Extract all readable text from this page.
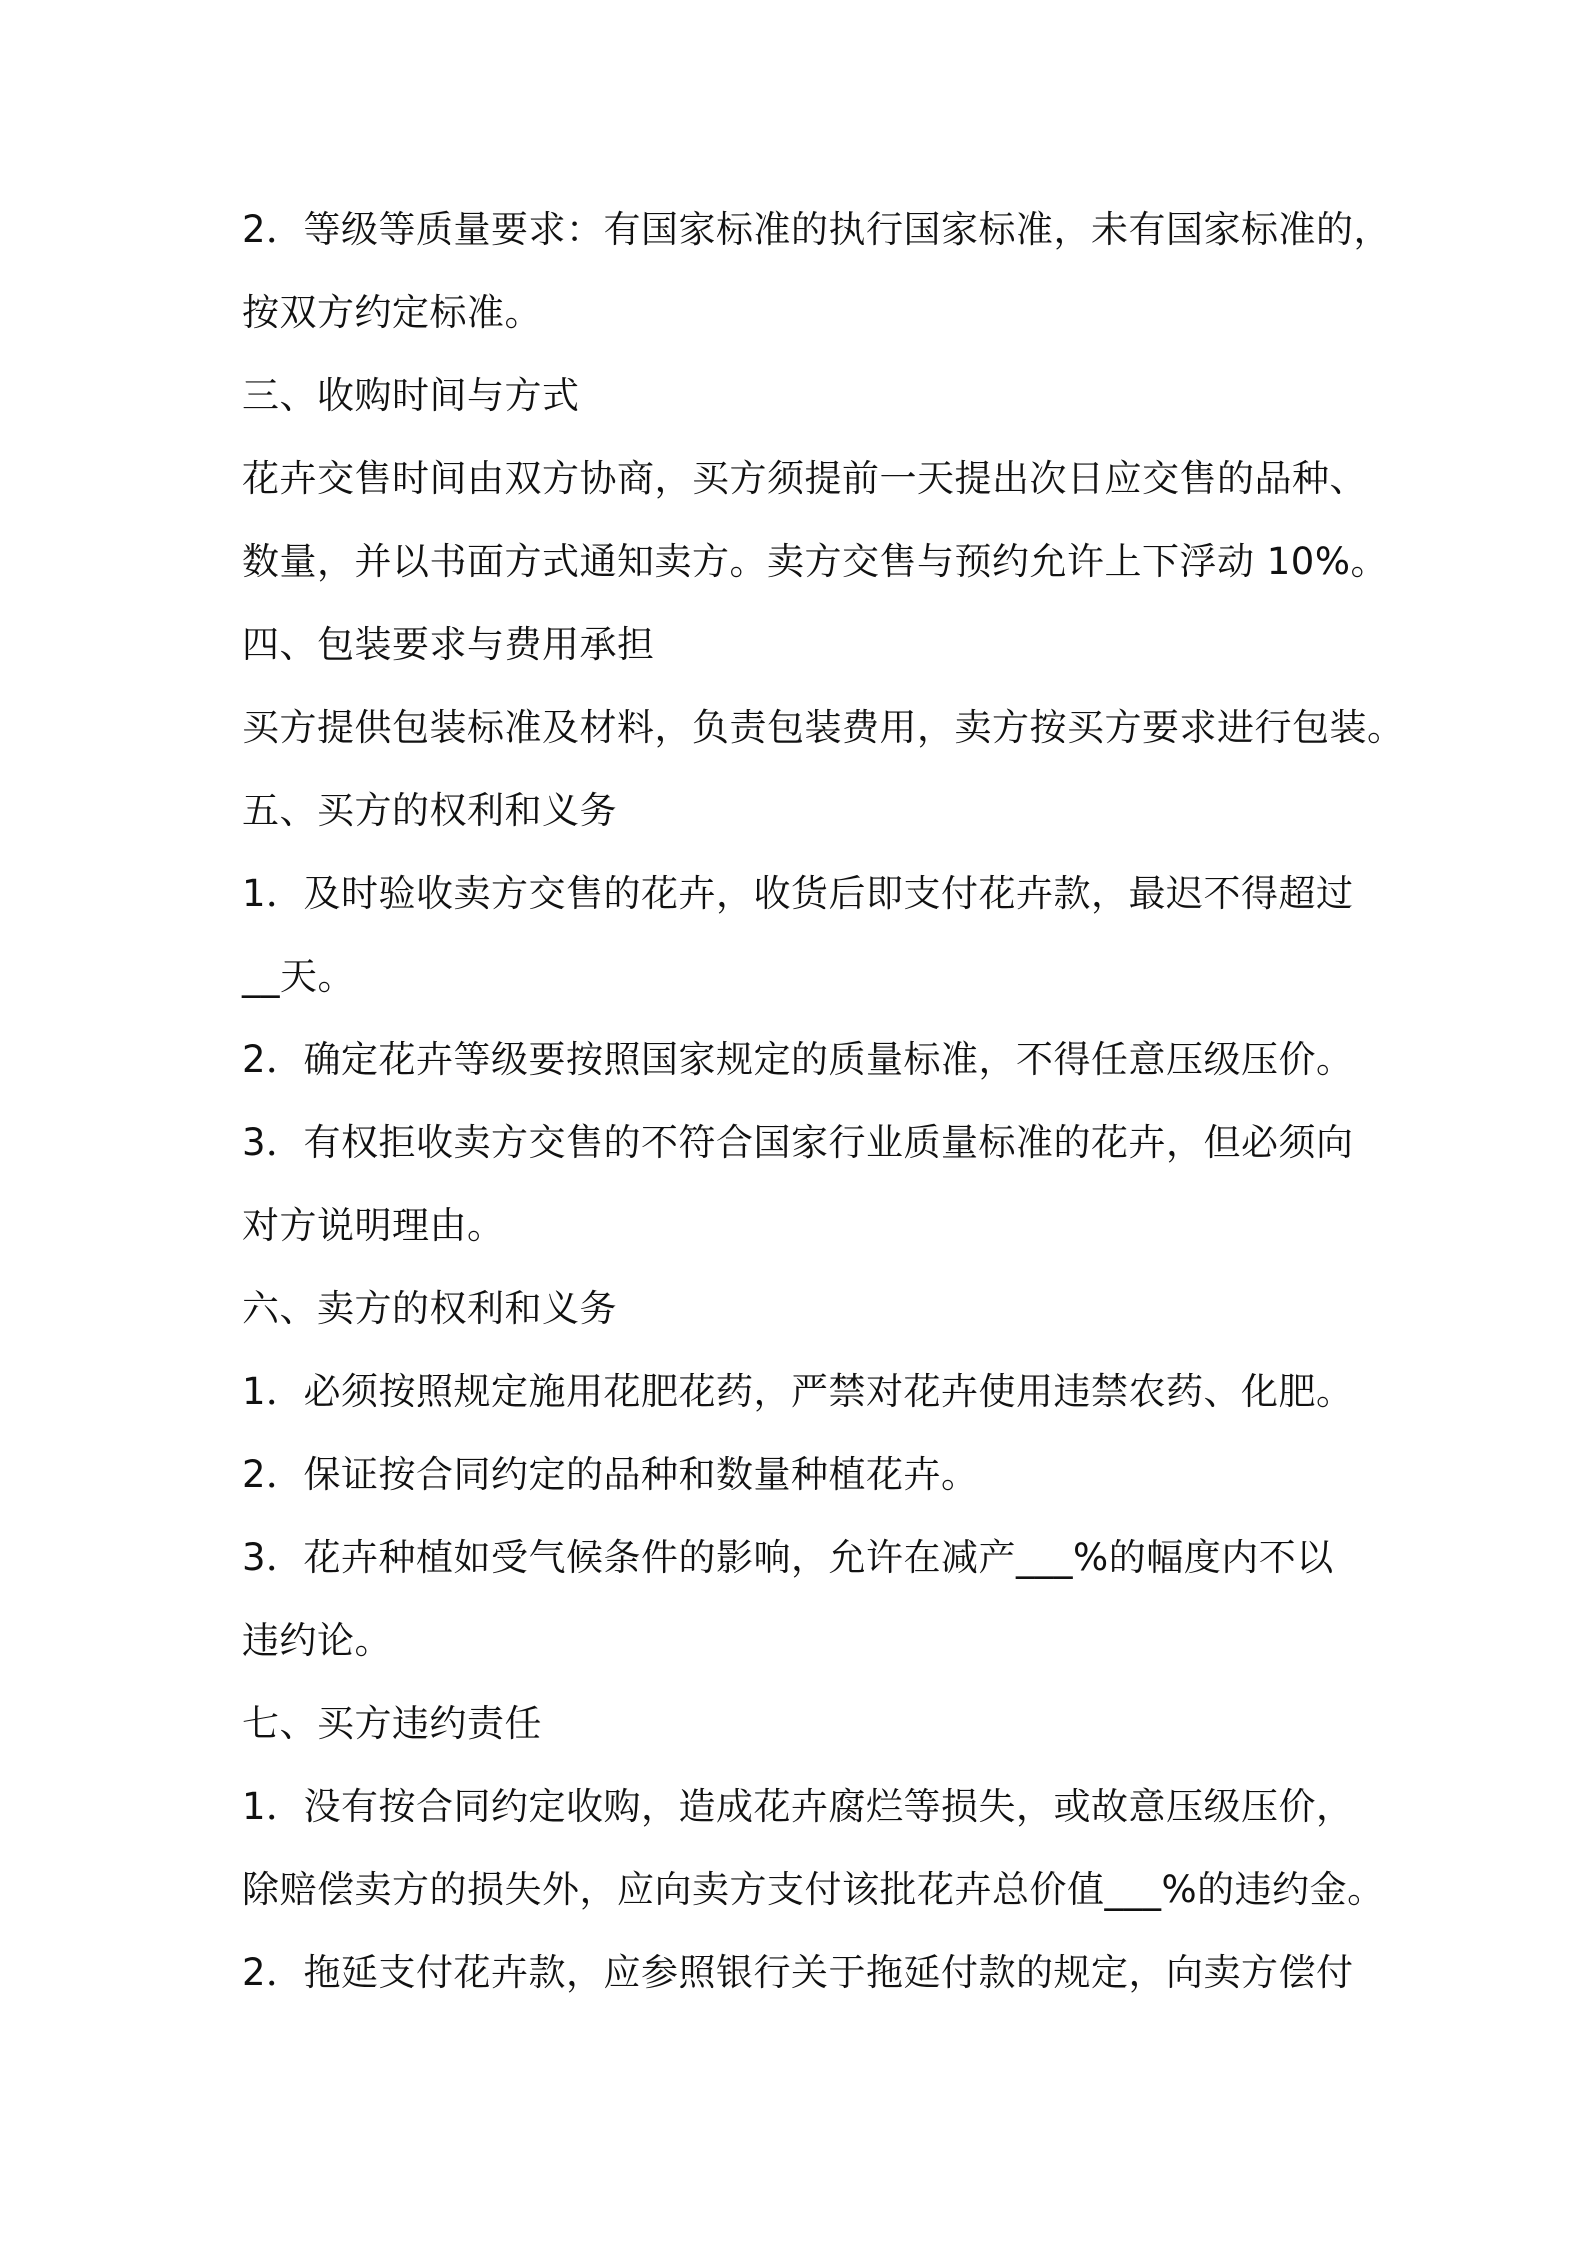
2．等级等质量要求：有国家标准的执行国家标准，未有国家标准的，
按双方约定标准。
三、收购时间与方式
花卉交售时间由双方协商，买方须提前一天提出次日应交售的品种、
数量，并以书面方式通知卖方。卖方交售与预约允许上下浮动 10%。
四、包装要求与费用承担
买方提供包装标准及材料，负责包装费用，卖方按买方要求进行包装。
五、买方的权利和义务
1．及时验收卖方交售的花卉，收货后即支付花卉款，最迟不得超过
__天。
2．确定花卉等级要按照国家规定的质量标准，不得任意压级压价。
3．有权拒收卖方交售的不符合国家行业质量标准的花卉，但必须向
对方说明理由。
六、卖方的权利和义务
1．必须按照规定施用花肥花药，严禁对花卉使用违禁农药、化肥。
2．保证按合同约定的品种和数量种植花卉。
3．花卉种植如受气候条件的影响，允许在减产___%的幅度内不以
违约论。
七、买方违约责任
1．没有按合同约定收购，造成花卉腐烂等损失，或故意压级压价，
除赔偿卖方的损失外，应向卖方支付该批花卉总价值___%的违约金。
2．拖延支付花卉款，应参照银行关于拖延付款的规定，向卖方偿付
